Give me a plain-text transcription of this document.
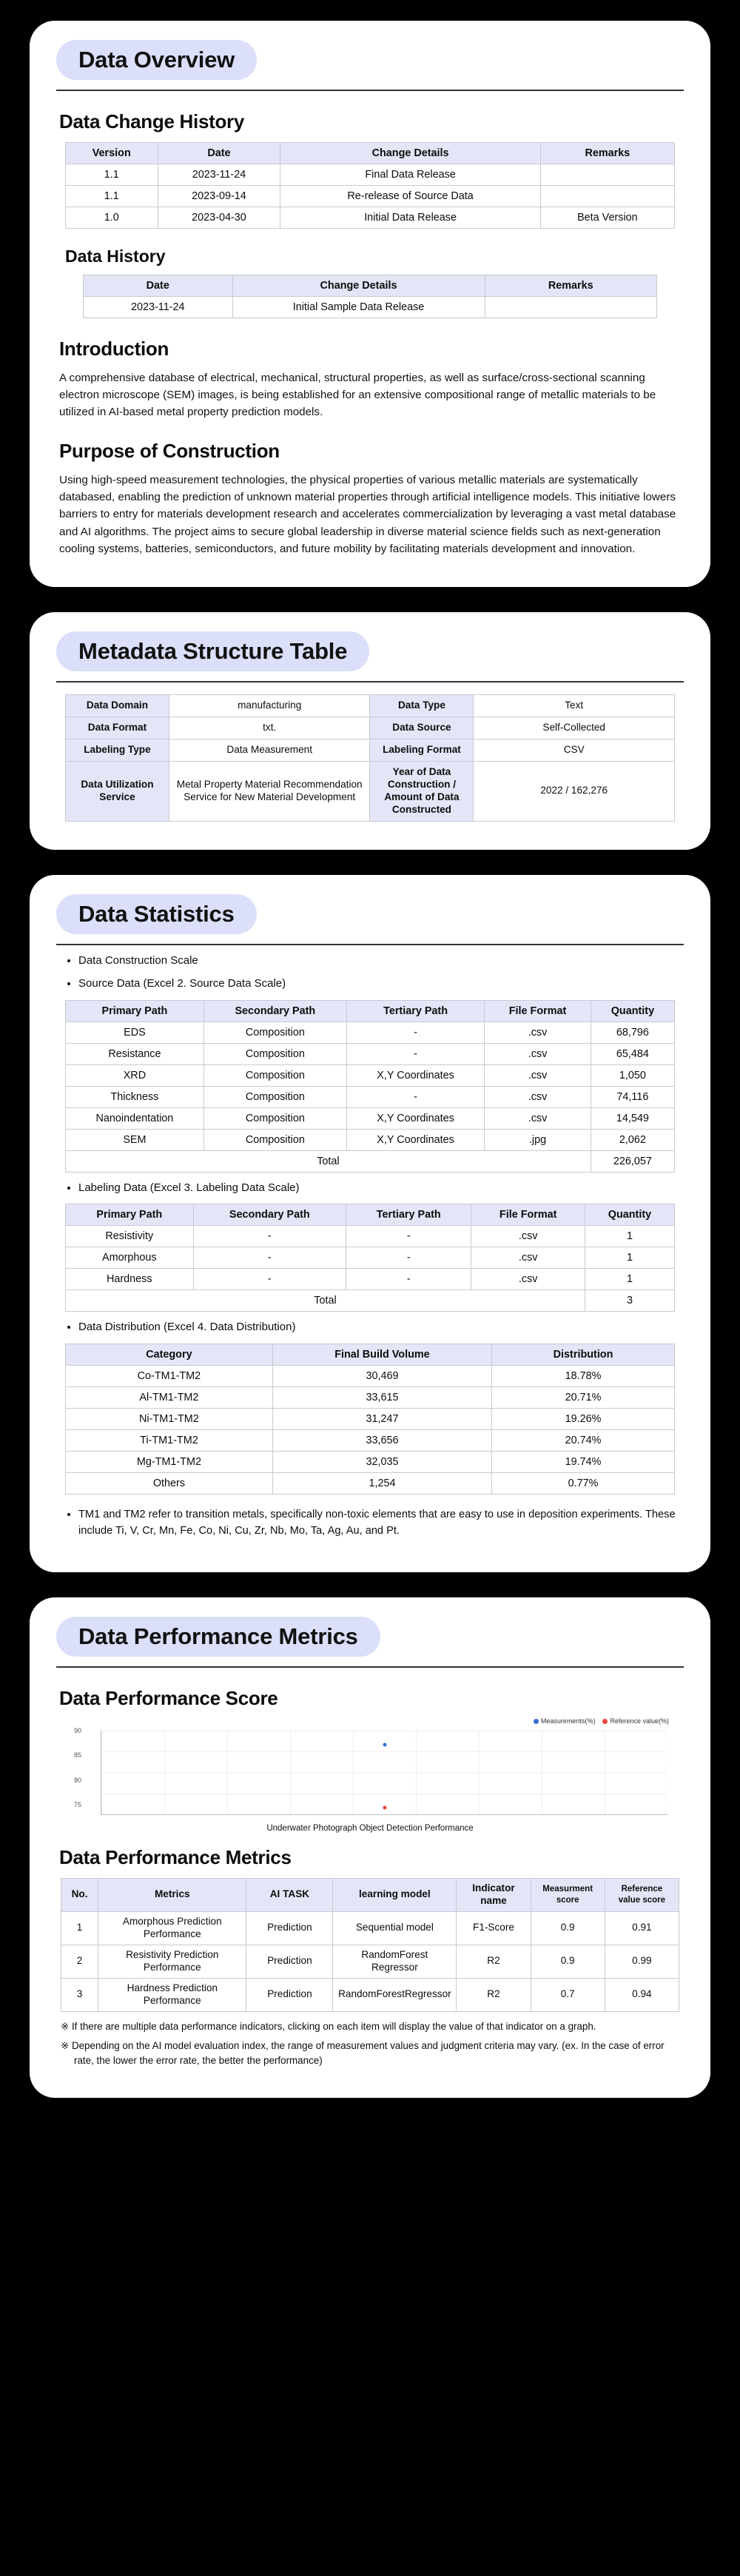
Data Overview
Data Change History
Version	Date	Change Details	Remarks
1.1	2023-11-24	Final Data Release	
1.1	2023-09-14	Re-release of Source Data	
1.0	2023-04-30	Initial Data Release	Beta Version
Data History
Date	Change Details	Remarks
2023-11-24	Initial Sample Data Release	
Introduction

A comprehensive database of electrical, mechanical, structural properties, as well as surface/cross-sectional scanning electron microscope (SEM) images, is being established for an extensive compositional range of metallic materials to be utilized in AI-based metal property prediction models.

Purpose of Construction

Using high-speed measurement technologies, the physical properties of various metallic materials are systematically databased, enabling the prediction of unknown material properties through artificial intelligence models. This initiative lowers barriers to entry for materials development research and accelerates commercialization by leveraging a vast metal database and AI algorithms. The project aims to secure global leadership in diverse material science fields such as next-generation cooling systems, batteries, semiconductors, and future mobility by facilitating materials development and innovation.

Metadata Structure Table
Data Domain	manufacturing	Data Type	Text
Data Format	txt.	Data Source	Self-Collected
Labeling Type	Data Measurement	Labeling Format	CSV
Data Utilization Service	Metal Property Material Recommendation Service for New Material Development	Year of Data Construction / Amount of Data Constructed	2022 / 162,276
Data Statistics
• Data Construction Scale
• Source Data (Excel 2. Source Data Scale)
Primary Path	Secondary Path	Tertiary Path	File Format	Quantity
EDS	Composition	-	.csv	68,796
Resistance	Composition	-	.csv	65,484
XRD	Composition	X,Y Coordinates	.csv	1,050
Thickness	Composition	-	.csv	74,116
Nanoindentation	Composition	X,Y Coordinates	.csv	14,549
SEM	Composition	X,Y Coordinates	.jpg	2,062
Total				226,057
• Labeling Data (Excel 3. Labeling Data Scale)
Primary Path	Secondary Path	Tertiary Path	File Format	Quantity
Resistivity	-	-	.csv	1
Amorphous	-	-	.csv	1
Hardness	-	-	.csv	1
Total				3
• Data Distribution (Excel 4. Data Distribution)
Category	Final Build Volume	Distribution
Co-TM1-TM2	30,469	18.78%
Al-TM1-TM2	33,615	20.71%
Ni-TM1-TM2	31,247	19.26%
Ti-TM1-TM2	33,656	20.74%
Mg-TM1-TM2	32,035	19.74%
Others	1,254	0.77%
• TM1 and TM2 refer to transition metals, specifically non-toxic elements that are easy to use in deposition experiments. These include Ti, V, Cr, Mn, Fe, Co, Ni, Cu, Zr, Nb, Mo, Ta, Ag, Au, and Pt.
Data Performance Metrics
Data Performance Score
Measurements(%)	Reference value(%)
90
85
80
75
Underwater Photograph Object Detection Performance
Data Performance Metrics
No.	Metrics	AI TASK	learning model	Indicator name	Measurment score	Reference value score
1	Amorphous Prediction Performance	Prediction	Sequential model	F1-Score	0.9	0.91
2	Resistivity Prediction Performance	Prediction	RandomForest Regressor	R2	0.9	0.99
3	Hardness Prediction Performance	Prediction	RandomForestRegressor	R2	0.7	0.94

※ If there are multiple data performance indicators, clicking on each item will display the value of that indicator on a graph.

※ Depending on the AI model evaluation index, the range of measurement values and judgment criteria may vary. (ex. In the case of error rate, the lower the error rate, the better the performance)
